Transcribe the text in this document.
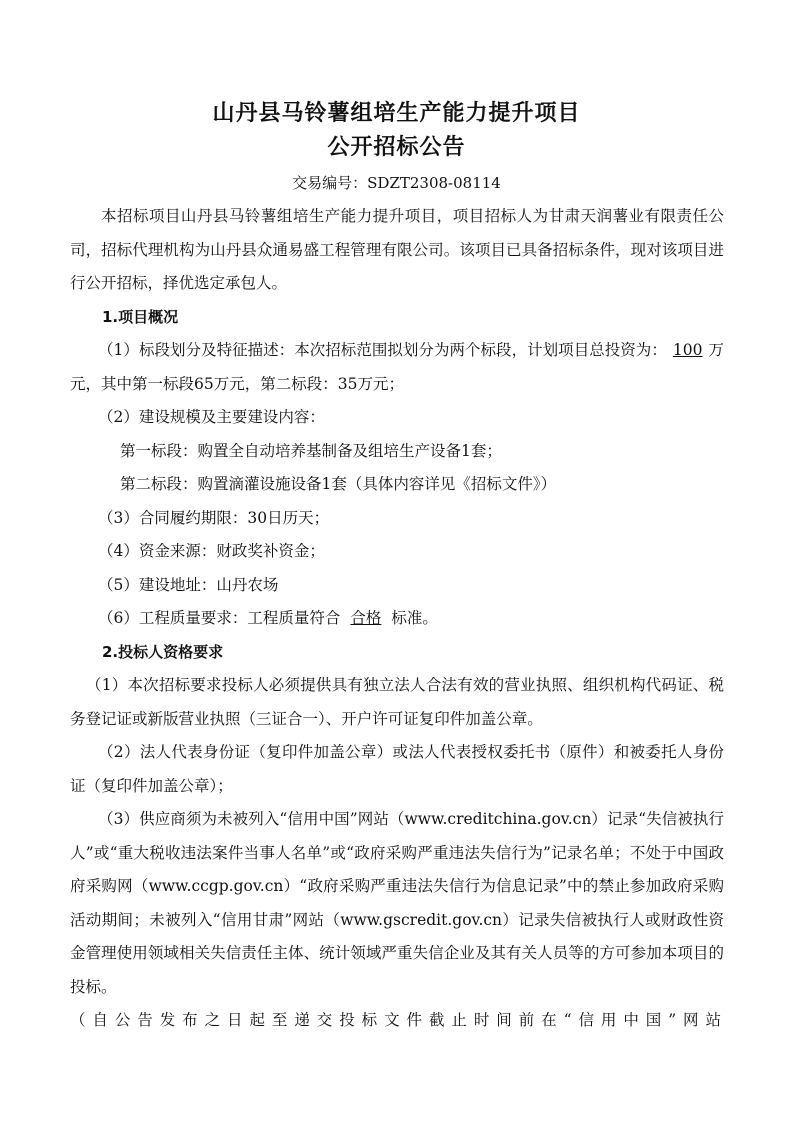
山丹县马铃薯组培生产能力提升项目
公开招标公告
交易编号：SDZT2308-08114

本招标项目山丹县马铃薯组培生产能力提升项目，项目招标人为甘肃天润薯业有限责任公司，招标代理机构为山丹县众通易盛工程管理有限公司。该项目已具备招标条件，现对该项目进行公开招标，择优选定承包人。

1.项目概况

（1）标段划分及特征描述：本次招标范围拟划分为两个标段，计划项目总投资为： 100 万元，其中第一标段65万元，第二标段：35万元；

（2）建设规模及主要建设内容：

第一标段：购置全自动培养基制备及组培生产设备1套；

第二标段：购置滴灌设施设备1套（具体内容详见《招标文件》）

（3）合同履约期限：30日历天；

（4）资金来源：财政奖补资金；

（5）建设地址：山丹农场

（6）工程质量要求：工程质量符合 合格 标准。

2.投标人资格要求

（1）本次招标要求投标人必须提供具有独立法人合法有效的营业执照、组织机构代码证、税务登记证或新版营业执照（三证合一）、开户许可证复印件加盖公章。

（2）法人代表身份证（复印件加盖公章）或法人代表授权委托书（原件）和被委托人身份证（复印件加盖公章）；

（3）供应商须为未被列入“信用中国”网站（www.creditchina.gov.cn）记录“失信被执行人”或“重大税收违法案件当事人名单”或“政府采购严重违法失信行为”记录名单；不处于中国政府采购网（www.ccgp.gov.cn）“政府采购严重违法失信行为信息记录”中的禁止参加政府采购活动期间；未被列入“信用甘肃”网站（www.gscredit.gov.cn）记录失信被执行人或财政性资金管理使用领域相关失信责任主体、统计领域严重失信企业及其有关人员等的方可参加本项目的投标。

（自公告发布之日起至递交投标文件截止时间前在“信用中国”网站
